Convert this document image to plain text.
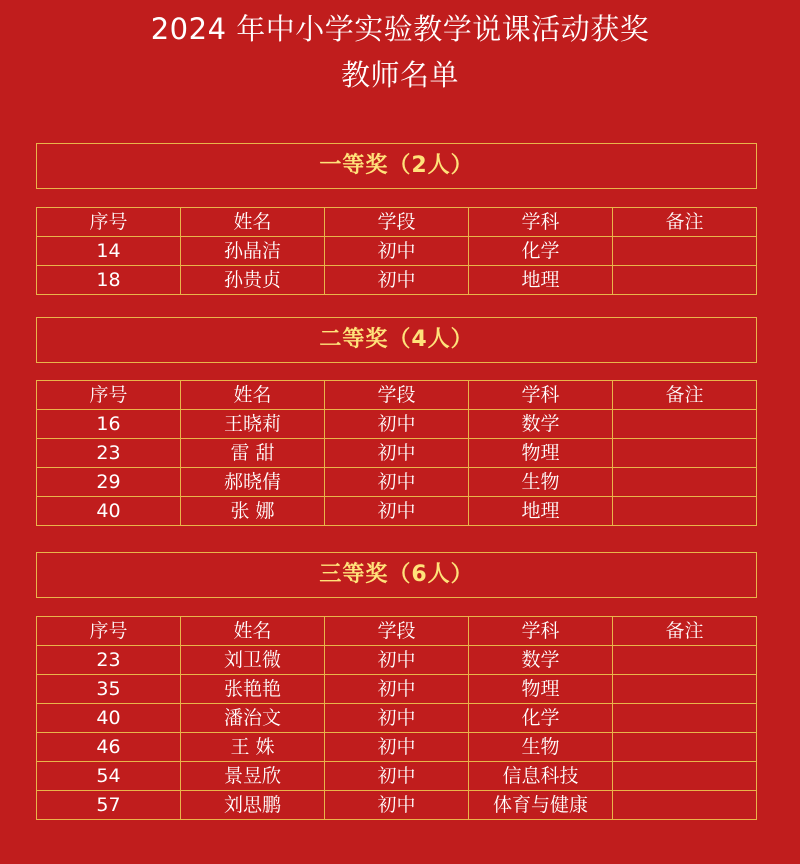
2024 年中小学实验教学说课活动获奖
教师名单
一等奖（2人）
序号	姓名	学段	学科	备注
14	孙晶洁	初中	化学	
18	孙贵贞	初中	地理	
二等奖（4人）
序号	姓名	学段	学科	备注
16	王晓莉	初中	数学	
23	雷 甜	初中	物理	
29	郝晓倩	初中	生物	
40	张 娜	初中	地理	
三等奖（6人）
序号	姓名	学段	学科	备注
23	刘卫微	初中	数学	
35	张艳艳	初中	物理	
40	潘治文	初中	化学	
46	王 姝	初中	生物	
54	景昱欣	初中	信息科技	
57	刘思鹏	初中	体育与健康	
